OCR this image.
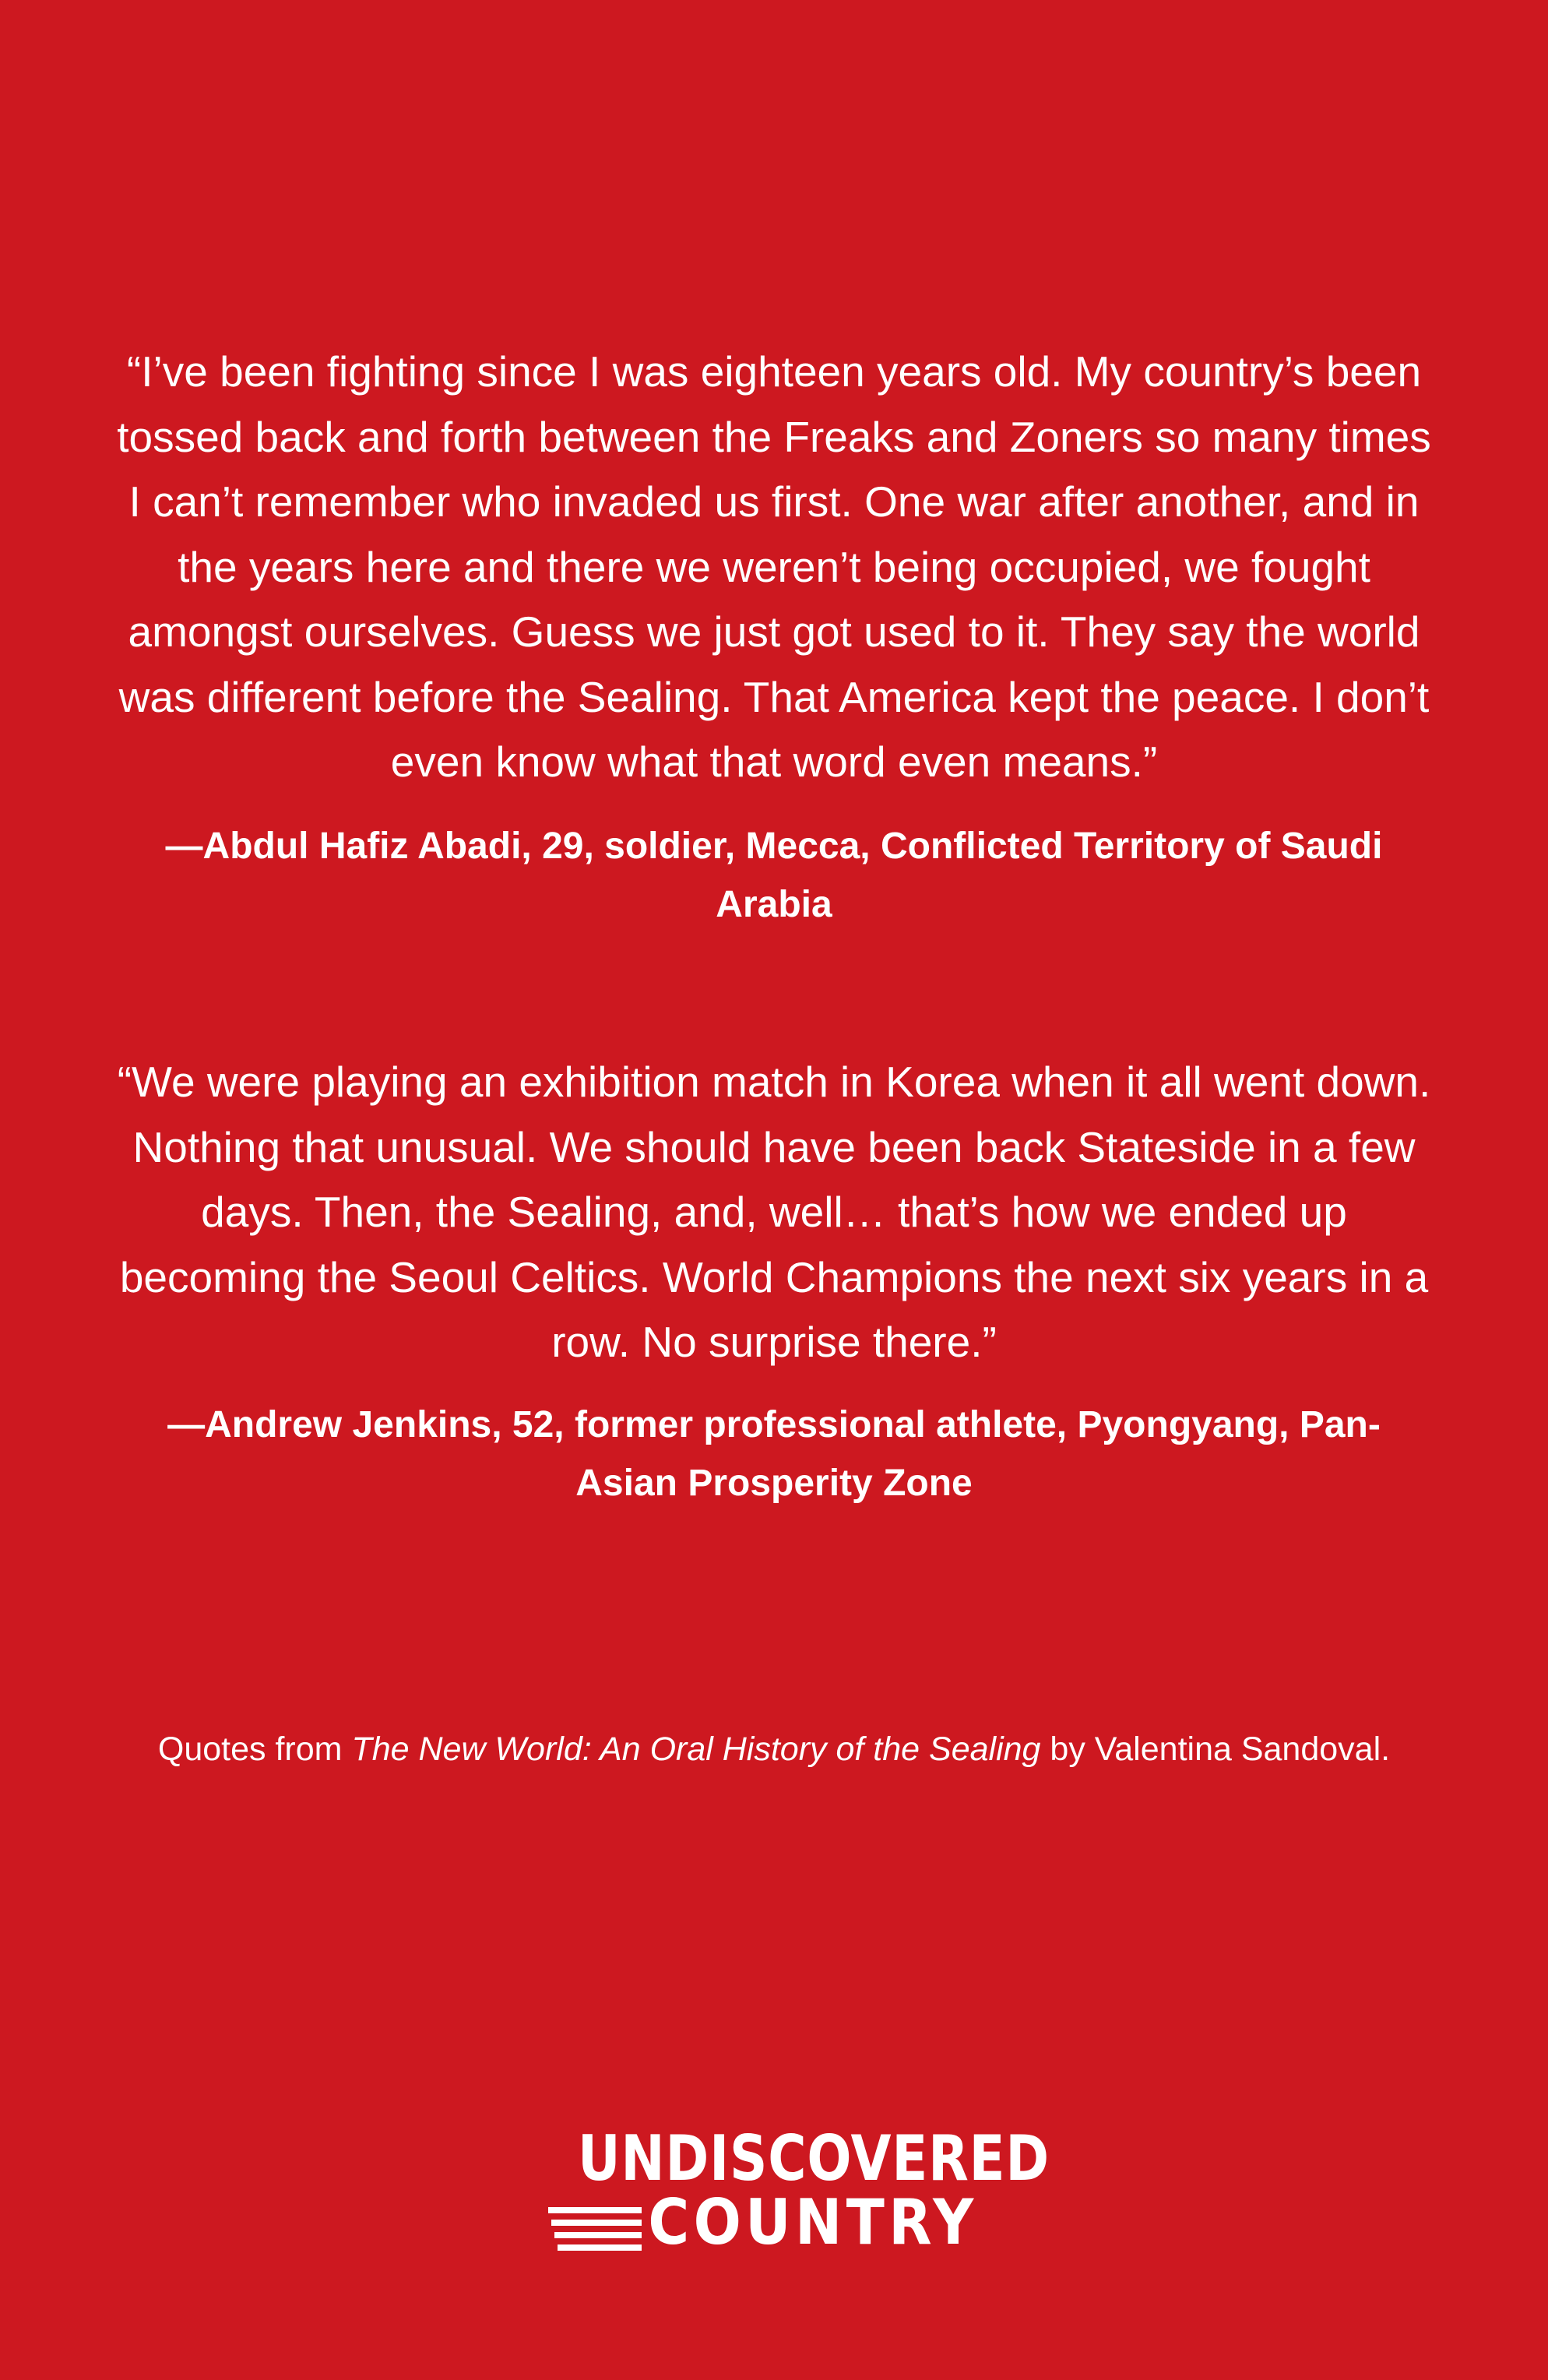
“I’ve been fighting since I was eighteen years old. My country’s been tossed back and forth between the Freaks and Zoners so many times I can’t remember who invaded us first. One war after another, and in the years here and there we weren’t being occupied, we fought amongst ourselves. Guess we just got used to it. They say the world was different before the Sealing. That America kept the peace. I don’t even know what that word even means.”

—Abdul Hafiz Abadi, 29, soldier, Mecca, Conflicted Territory of Saudi Arabia

“We were playing an exhibition match in Korea when it all went down. Nothing that unusual. We should have been back Stateside in a few days. Then, the Sealing, and, well… that’s how we ended up becoming the Seoul Celtics. World Champions the next six years in a row. No surprise there.”

—Andrew Jenkins, 52, former professional athlete, Pyongyang, Pan-Asian Prosperity Zone

Quotes from The New World: An Oral History of the Sealing by Valentina Sandoval.
UNDISCOVERED
COUNTRY
